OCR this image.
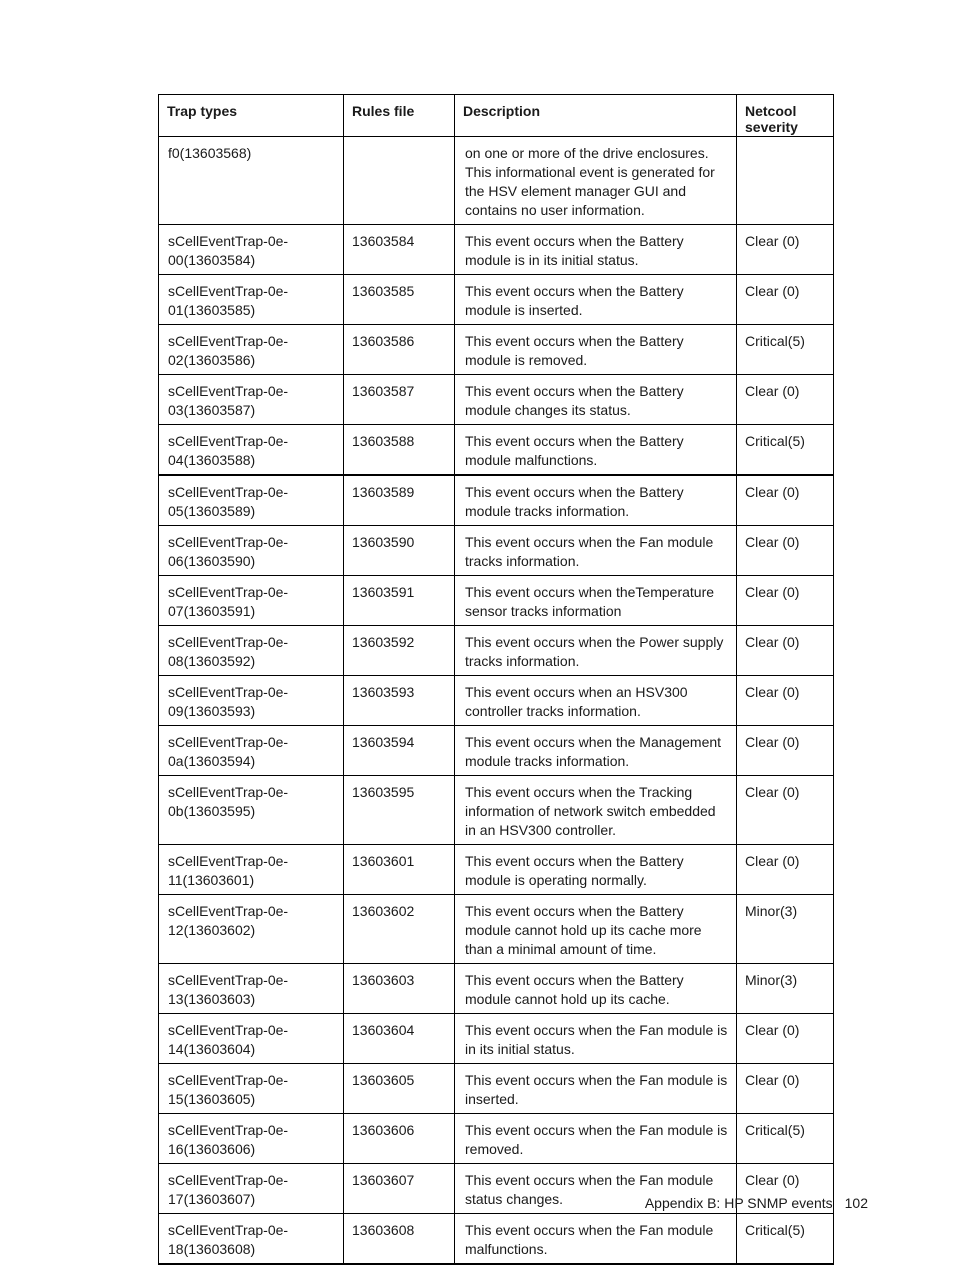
Trap types	Rules file	Description	Netcool severity

f0(13603568)		on one or more of the drive enclosures. This informational event is generated for the HSV element manager GUI and contains no user information.	

sCellEventTrap-0e-
00(13603584)	13603584	This event occurs when the Battery module is in its initial status.	Clear (0)

sCellEventTrap-0e-
01(13603585)	13603585	This event occurs when the Battery module is inserted.	Clear (0)

sCellEventTrap-0e-
02(13603586)	13603586	This event occurs when the Battery module is removed.	Critical(5)

sCellEventTrap-0e-
03(13603587)	13603587	This event occurs when the Battery module changes its status.	Clear (0)

sCellEventTrap-0e-
04(13603588)	13603588	This event occurs when the Battery module malfunctions.	Critical(5)

sCellEventTrap-0e-
05(13603589)	13603589	This event occurs when the Battery module tracks information.	Clear (0)

sCellEventTrap-0e-
06(13603590)	13603590	This event occurs when the Fan module tracks information.	Clear (0)

sCellEventTrap-0e-
07(13603591)	13603591	This event occurs when theTemperature sensor tracks information	Clear (0)

sCellEventTrap-0e-
08(13603592)	13603592	This event occurs when the Power supply tracks information.	Clear (0)

sCellEventTrap-0e-
09(13603593)	13603593	This event occurs when an HSV300 controller tracks information.	Clear (0)

sCellEventTrap-0e-
0a(13603594)	13603594	This event occurs when the Management module tracks information.	Clear (0)

sCellEventTrap-0e-
0b(13603595)	13603595	This event occurs when the Tracking information of network switch embedded in an HSV300 controller.	Clear (0)

sCellEventTrap-0e-
11(13603601)	13603601	This event occurs when the Battery module is operating normally.	Clear (0)

sCellEventTrap-0e-
12(13603602)	13603602	This event occurs when the Battery module cannot hold up its cache more than a minimal amount of time.	Minor(3)

sCellEventTrap-0e-
13(13603603)	13603603	This event occurs when the Battery module cannot hold up its cache.	Minor(3)

sCellEventTrap-0e-
14(13603604)	13603604	This event occurs when the Fan module is in its initial status.	Clear (0)

sCellEventTrap-0e-
15(13603605)	13603605	This event occurs when the Fan module is inserted.	Clear (0)

sCellEventTrap-0e-
16(13603606)	13603606	This event occurs when the Fan module is removed.	Critical(5)

sCellEventTrap-0e-
17(13603607)	13603607	This event occurs when the Fan module status changes.	Clear (0)

sCellEventTrap-0e-
18(13603608)	13603608	This event occurs when the Fan module malfunctions.	Critical(5)
Appendix B: HP SNMP events 102
